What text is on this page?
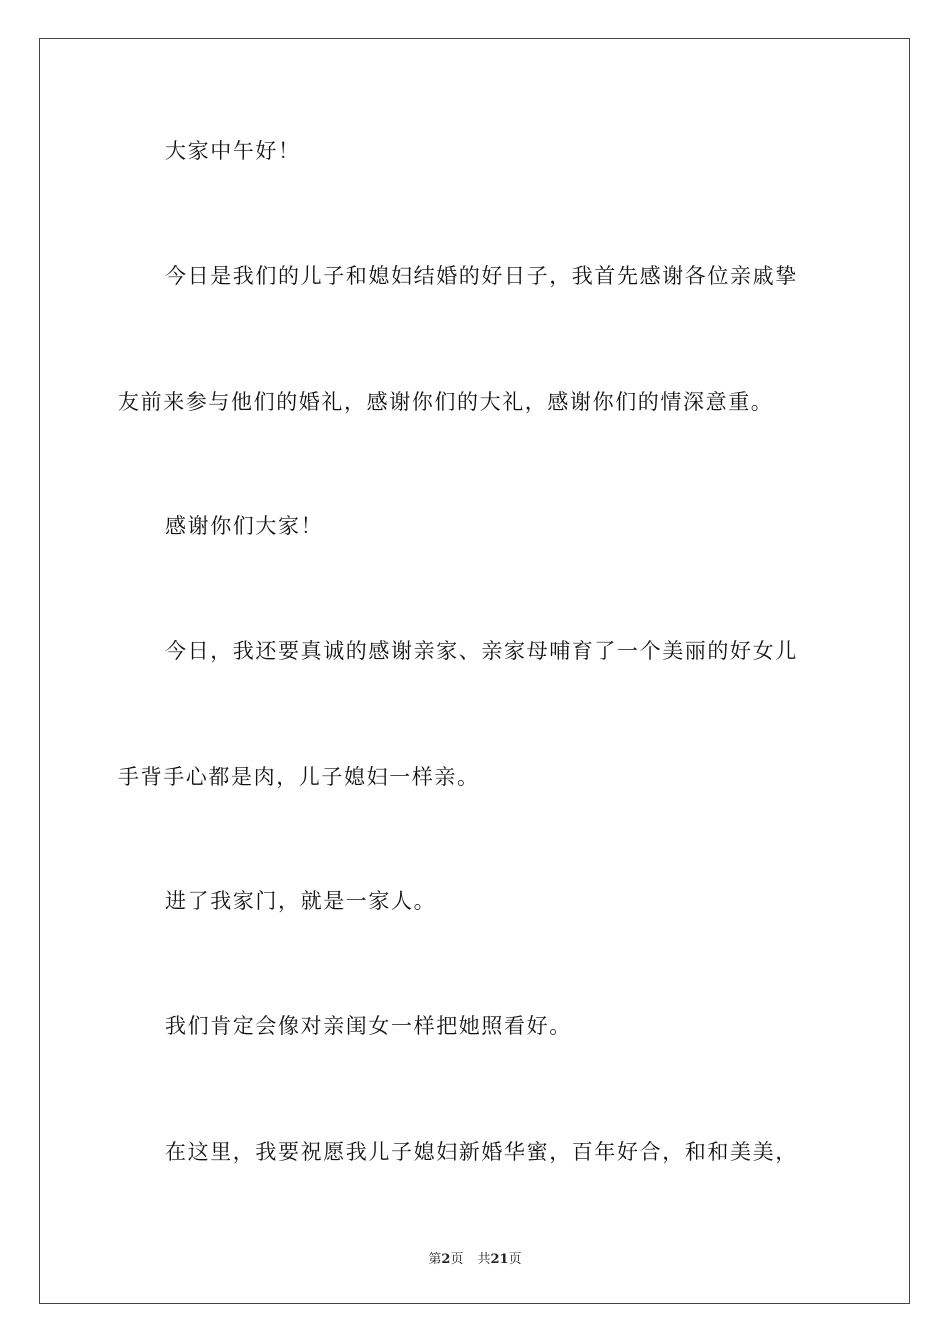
大家中午好！
今日是我们的儿子和媳妇结婚的好日子，我首先感谢各位亲戚挚
友前来参与他们的婚礼，感谢你们的大礼，感谢你们的情深意重。
感谢你们大家！
今日，我还要真诚的感谢亲家、亲家母哺育了一个美丽的好女儿
手背手心都是肉，儿子媳妇一样亲。
进了我家门，就是一家人。
我们肯定会像对亲闺女一样把她照看好。
在这里，我要祝愿我儿子媳妇新婚华蜜，百年好合，和和美美，
第2页 共21页
